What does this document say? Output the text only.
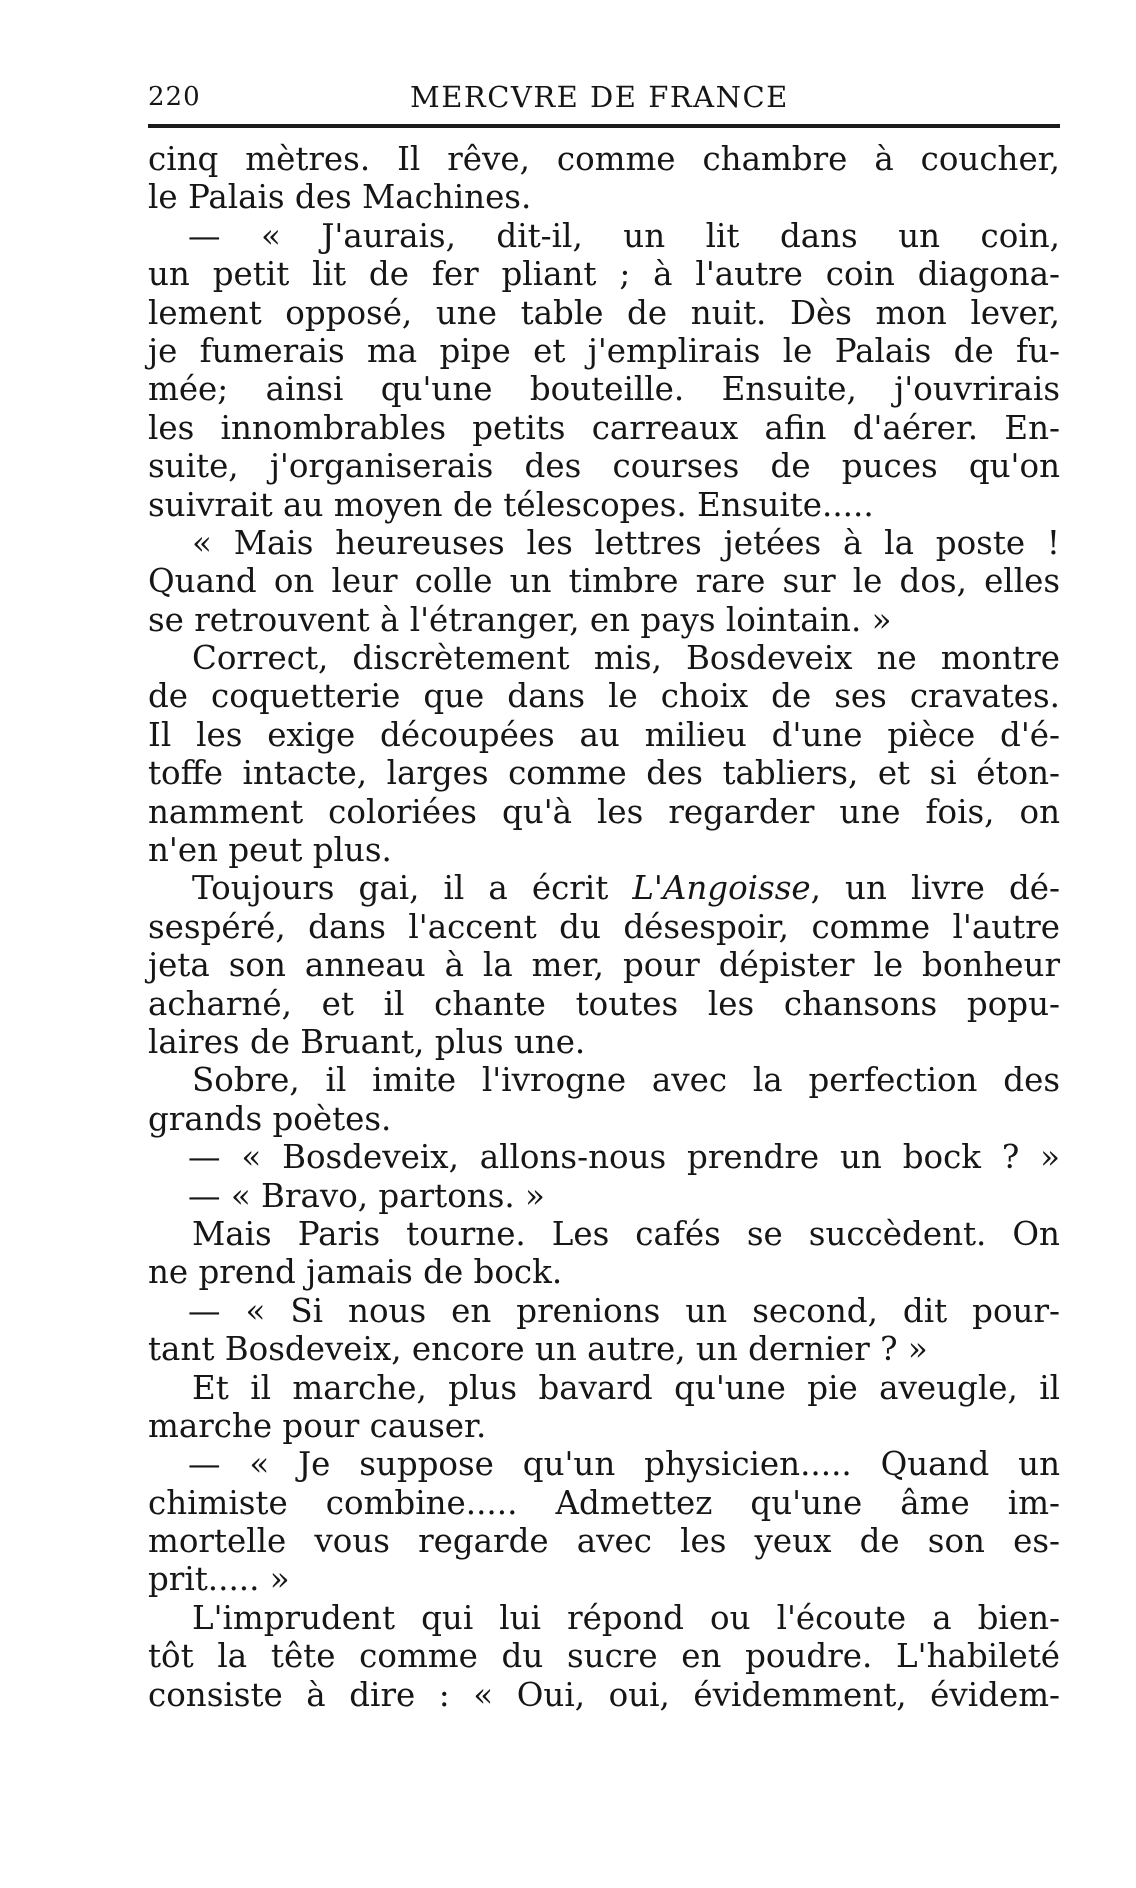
220	MERCVRE DE FRANCE
cinq mètres. Il rêve, comme chambre à coucher,
le Palais des Machines.
— « J'aurais, dit-il, un lit dans un coin,
un petit lit de fer pliant ; à l'autre coin diagona-
lement opposé, une table de nuit. Dès mon lever,
je fumerais ma pipe et j'emplirais le Palais de fu-
mée; ainsi qu'une bouteille. Ensuite, j'ouvrirais
les innombrables petits carreaux afin d'aérer. En-
suite, j'organiserais des courses de puces qu'on
suivrait au moyen de télescopes. Ensuite.....
« Mais heureuses les lettres jetées à la poste !
Quand on leur colle un timbre rare sur le dos, elles
se retrouvent à l'étranger, en pays lointain. »
Correct, discrètement mis, Bosdeveix ne montre
de coquetterie que dans le choix de ses cravates.
Il les exige découpées au milieu d'une pièce d'é-
toffe intacte, larges comme des tabliers, et si éton-
namment coloriées qu'à les regarder une fois, on
n'en peut plus.
Toujours gai, il a écrit L'Angoisse, un livre dé-
sespéré, dans l'accent du désespoir, comme l'autre
jeta son anneau à la mer, pour dépister le bonheur
acharné, et il chante toutes les chansons popu-
laires de Bruant, plus une.
Sobre, il imite l'ivrogne avec la perfection des
grands poètes.
— « Bosdeveix, allons-nous prendre un bock ? »
— « Bravo, partons. »
Mais Paris tourne. Les cafés se succèdent. On
ne prend jamais de bock.
— « Si nous en prenions un second, dit pour-
tant Bosdeveix, encore un autre, un dernier ? »
Et il marche, plus bavard qu'une pie aveugle, il
marche pour causer.
— « Je suppose qu'un physicien..... Quand un
chimiste combine..... Admettez qu'une âme im-
mortelle vous regarde avec les yeux de son es-
prit..... »
L'imprudent qui lui répond ou l'écoute a bien-
tôt la tête comme du sucre en poudre. L'habileté
consiste à dire : « Oui, oui, évidemment, évidem-
